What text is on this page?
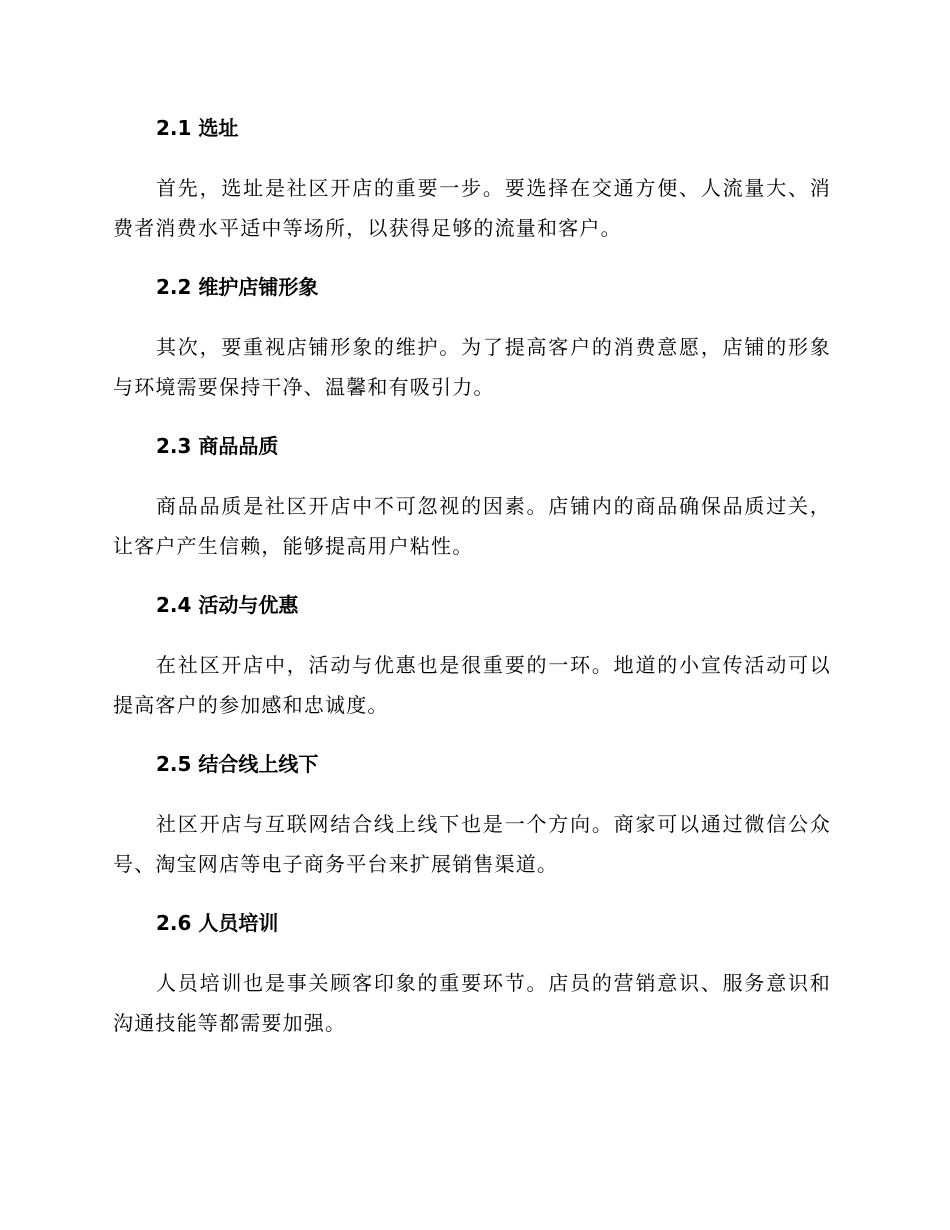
2.1 选址

首先，选址是社区开店的重要一步。要选择在交通方便、人流量大、消费者消费水平适中等场所，以获得足够的流量和客户。

2.2 维护店铺形象

其次，要重视店铺形象的维护。为了提高客户的消费意愿，店铺的形象与环境需要保持干净、温馨和有吸引力。

2.3 商品品质

商品品质是社区开店中不可忽视的因素。店铺内的商品确保品质过关，让客户产生信赖，能够提高用户粘性。

2.4 活动与优惠

在社区开店中，活动与优惠也是很重要的一环。地道的小宣传活动可以提高客户的参加感和忠诚度。

2.5 结合线上线下

社区开店与互联网结合线上线下也是一个方向。商家可以通过微信公众号、淘宝网店等电子商务平台来扩展销售渠道。

2.6 人员培训

人员培训也是事关顾客印象的重要环节。店员的营销意识、服务意识和沟通技能等都需要加强。
